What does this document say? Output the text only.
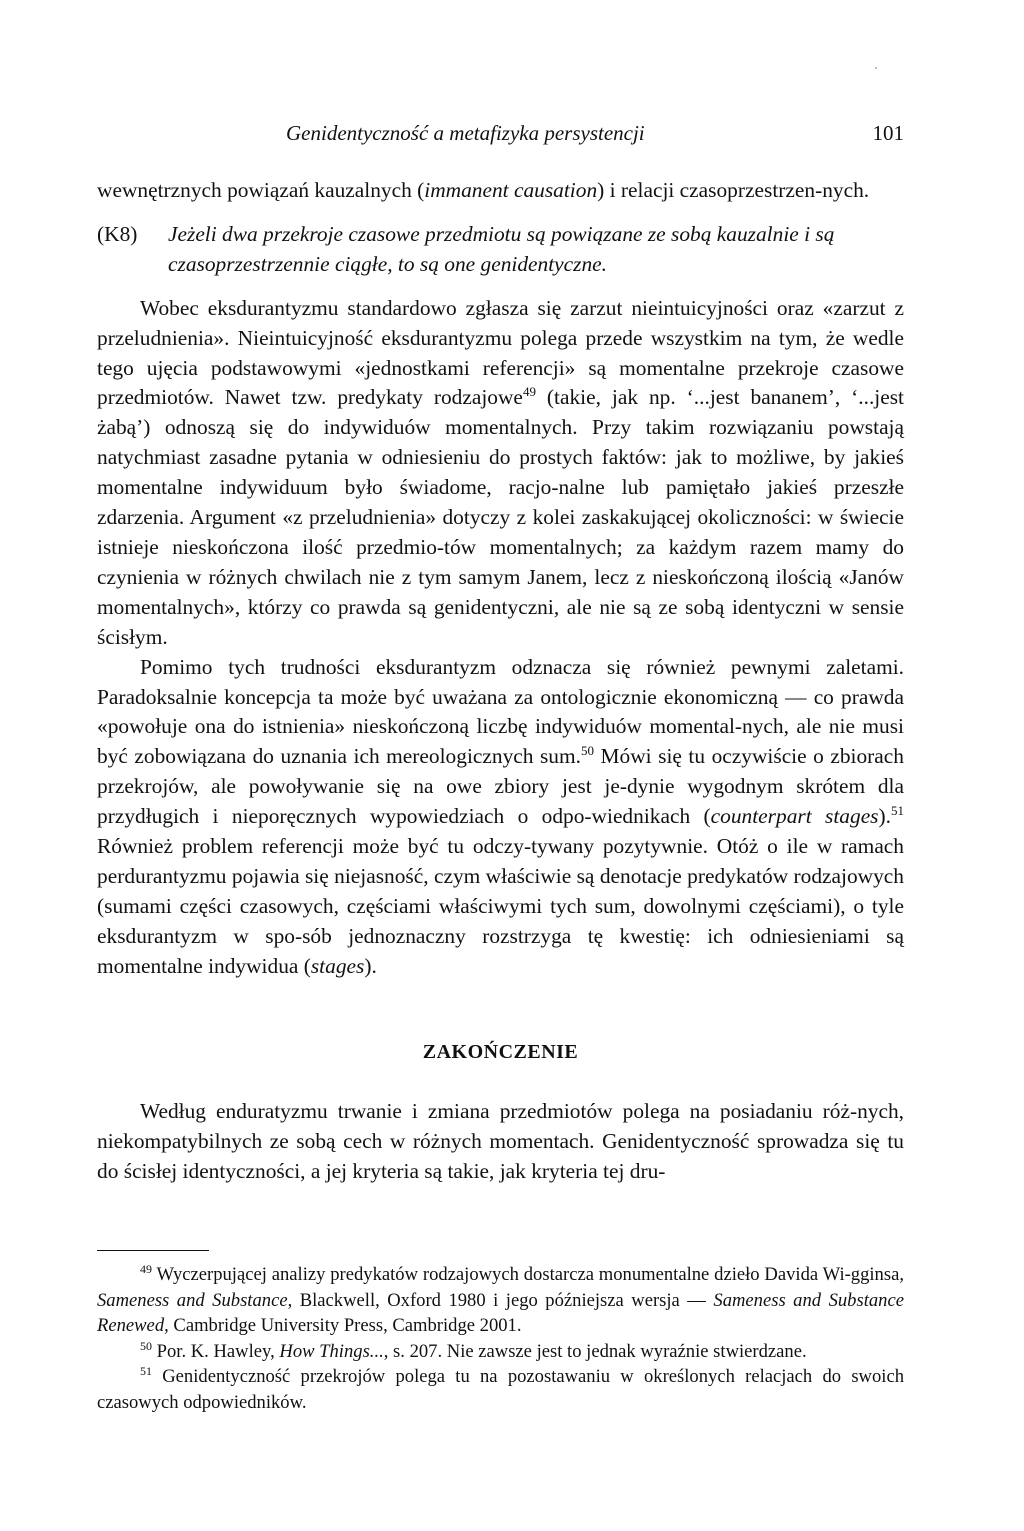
Genidentyczność a metafizyka persystencji	101

wewnętrznych powiązań kauzalnych (immanent causation) i relacji czasoprzestrzen-nych.

(K8)	Jeżeli dwa przekroje czasowe przedmiotu są powiązane ze sobą kauzalnie i są czasoprzestrzennie ciągłe, to są one genidentyczne.

Wobec eksdurantyzmu standardowo zgłasza się zarzut nieintuicyjności oraz «zarzut z przeludnienia». Nieintuicyjność eksdurantyzmu polega przede wszystkim na tym, że wedle tego ujęcia podstawowymi «jednostkami referencji» są momentalne przekroje czasowe przedmiotów. Nawet tzw. predykaty rodzajowe$^{49}$ (takie, jak np. ‘...jest bananem’, ‘...jest żabą’) odnoszą się do indywiduów momentalnych. Przy takim rozwiązaniu powstają natychmiast zasadne pytania w odniesieniu do prostych faktów: jak to możliwe, by jakieś momentalne indywiduum było świadome, racjo-nalne lub pamiętało jakieś przeszłe zdarzenia. Argument «z przeludnienia» dotyczy z kolei zaskakującej okoliczności: w świecie istnieje nieskończona ilość przedmio-tów momentalnych; za każdym razem mamy do czynienia w różnych chwilach nie z tym samym Janem, lecz z nieskończoną ilością «Janów momentalnych», którzy co prawda są genidentyczni, ale nie są ze sobą identyczni w sensie ścisłym.

Pomimo tych trudności eksdurantyzm odznacza się również pewnymi zaletami. Paradoksalnie koncepcja ta może być uważana za ontologicznie ekonomiczną — co prawda «powołuje ona do istnienia» nieskończoną liczbę indywiduów momental-nych, ale nie musi być zobowiązana do uznania ich mereologicznych sum.$^{50}$ Mówi się tu oczywiście o zbiorach przekrojów, ale powoływanie się na owe zbiory jest je-dynie wygodnym skrótem dla przydługich i nieporęcznych wypowiedziach o odpo-wiednikach (counterpart stages).$^{51}$ Również problem referencji może być tu odczy-tywany pozytywnie. Otóż o ile w ramach perdurantyzmu pojawia się niejasność, czym właściwie są denotacje predykatów rodzajowych (sumami części czasowych, częściami właściwymi tych sum, dowolnymi częściami), o tyle eksdurantyzm w spo-sób jednoznaczny rozstrzyga tę kwestię: ich odniesieniami są momentalne indywidua (stages).

ZAKOŃCZENIE

Według enduratyzmu trwanie i zmiana przedmiotów polega na posiadaniu róż-nych, niekompatybilnych ze sobą cech w różnych momentach. Genidentyczność sprowadza się tu do ścisłej identyczności, a jej kryteria są takie, jak kryteria tej dru-

$^{49}$ Wyczerpującej analizy predykatów rodzajowych dostarcza monumentalne dzieło Davida Wi-gginsa, Sameness and Substance, Blackwell, Oxford 1980 i jego późniejsza wersja — Sameness and Substance Renewed, Cambridge University Press, Cambridge 2001.

$^{50}$ Por. K. Hawley, How Things..., s. 207. Nie zawsze jest to jednak wyraźnie stwierdzane.

$^{51}$ Genidentyczność przekrojów polega tu na pozostawaniu w określonych relacjach do swoich czasowych odpowiedników.
